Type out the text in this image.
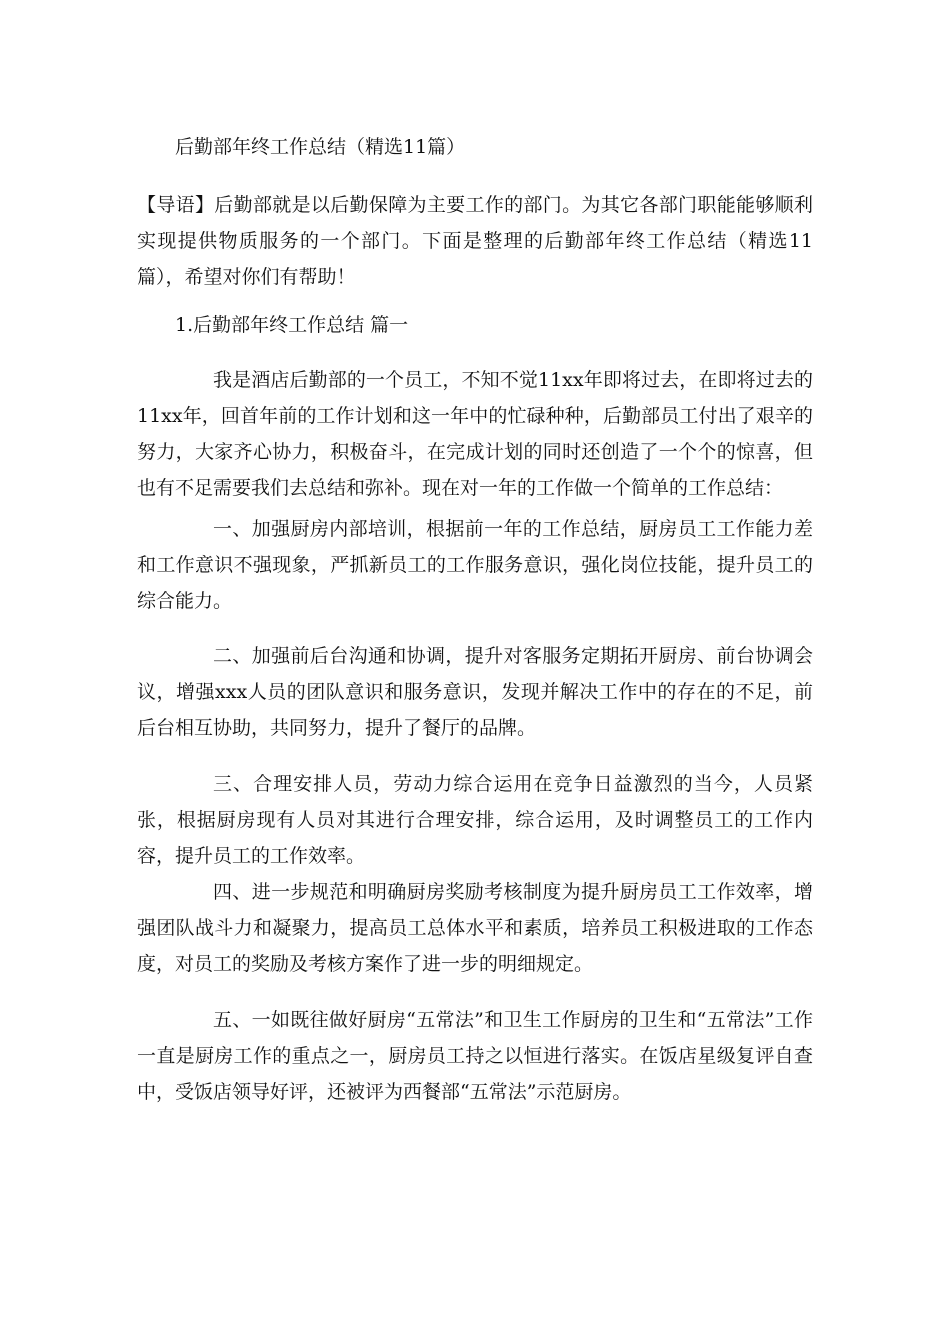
后勤部年终工作总结（精选11篇）

【导语】后勤部就是以后勤保障为主要工作的部门。为其它各部门职能能够顺利实现提供物质服务的一个部门。下面是整理的后勤部年终工作总结（精选11篇），希望对你们有帮助！

1.后勤部年终工作总结 篇一

我是酒店后勤部的一个员工，不知不觉11xx年即将过去，在即将过去的11xx年，回首年前的工作计划和这一年中的忙碌种种，后勤部员工付出了艰辛的努力，大家齐心协力，积极奋斗，在完成计划的同时还创造了一个个的惊喜，但也有不足需要我们去总结和弥补。现在对一年的工作做一个简单的工作总结：

一、加强厨房内部培训，根据前一年的工作总结，厨房员工工作能力差和工作意识不强现象，严抓新员工的工作服务意识，强化岗位技能，提升员工的综合能力。

二、加强前后台沟通和协调，提升对客服务定期拓开厨房、前台协调会议，增强xxx人员的团队意识和服务意识，发现并解决工作中的存在的不足，前后台相互协助，共同努力，提升了餐厅的品牌。

三、合理安排人员，劳动力综合运用在竞争日益激烈的当今，人员紧张，根据厨房现有人员对其进行合理安排，综合运用，及时调整员工的工作内容，提升员工的工作效率。

四、进一步规范和明确厨房奖励考核制度为提升厨房员工工作效率，增强团队战斗力和凝聚力，提高员工总体水平和素质，培养员工积极进取的工作态度，对员工的奖励及考核方案作了进一步的明细规定。

五、一如既往做好厨房“五常法”和卫生工作厨房的卫生和“五常法”工作一直是厨房工作的重点之一，厨房员工持之以恒进行落实。在饭店星级复评自查中，受饭店领导好评，还被评为西餐部“五常法”示范厨房。
